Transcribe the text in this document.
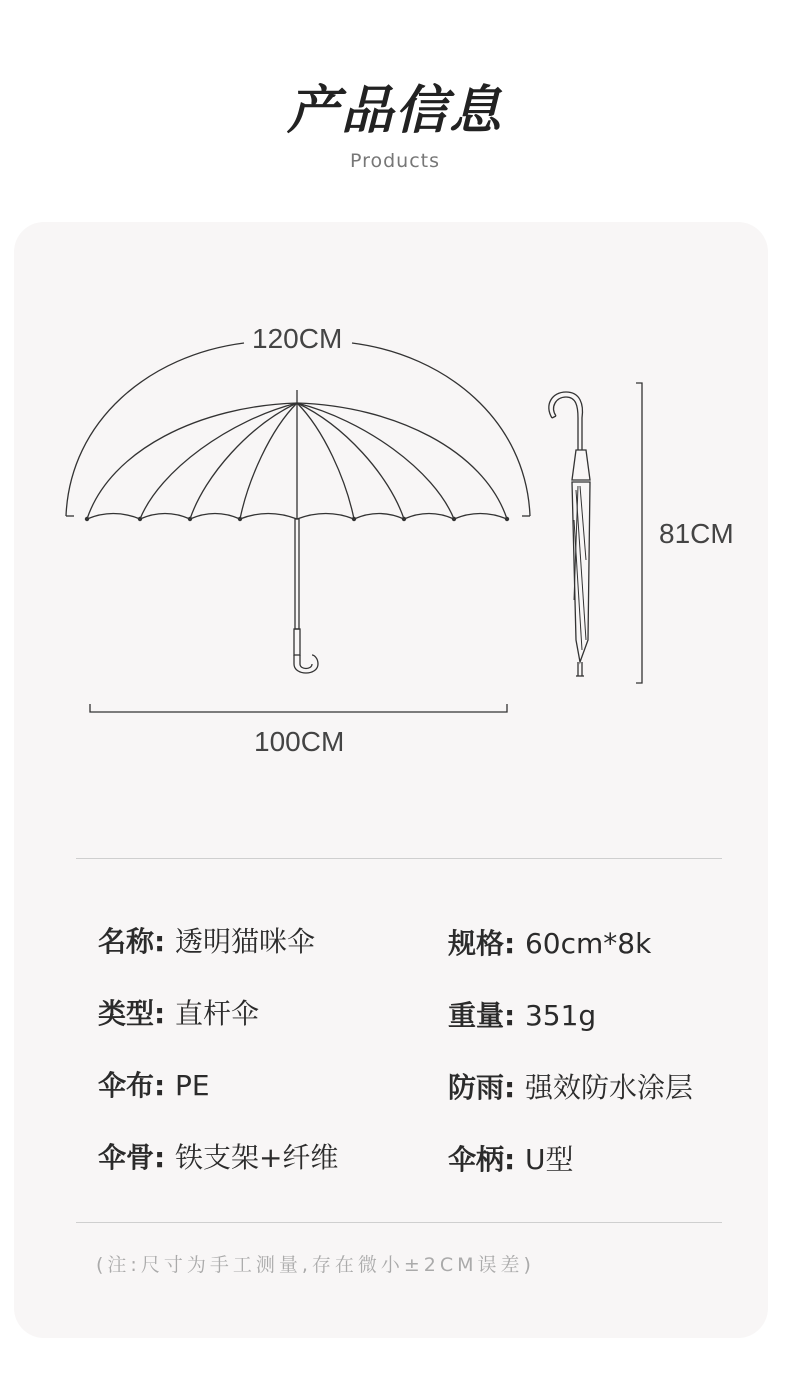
产品信息
Products
120CM
100CM
81CM
名称: 透明猫咪伞	规格: 60cm*8k
类型: 直杆伞	重量: 351g
伞布: PE	防雨: 强效防水涂层
伞骨: 铁支架+纤维	伞柄: U型
(注:尺寸为手工测量,存在微小±2CM误差)
